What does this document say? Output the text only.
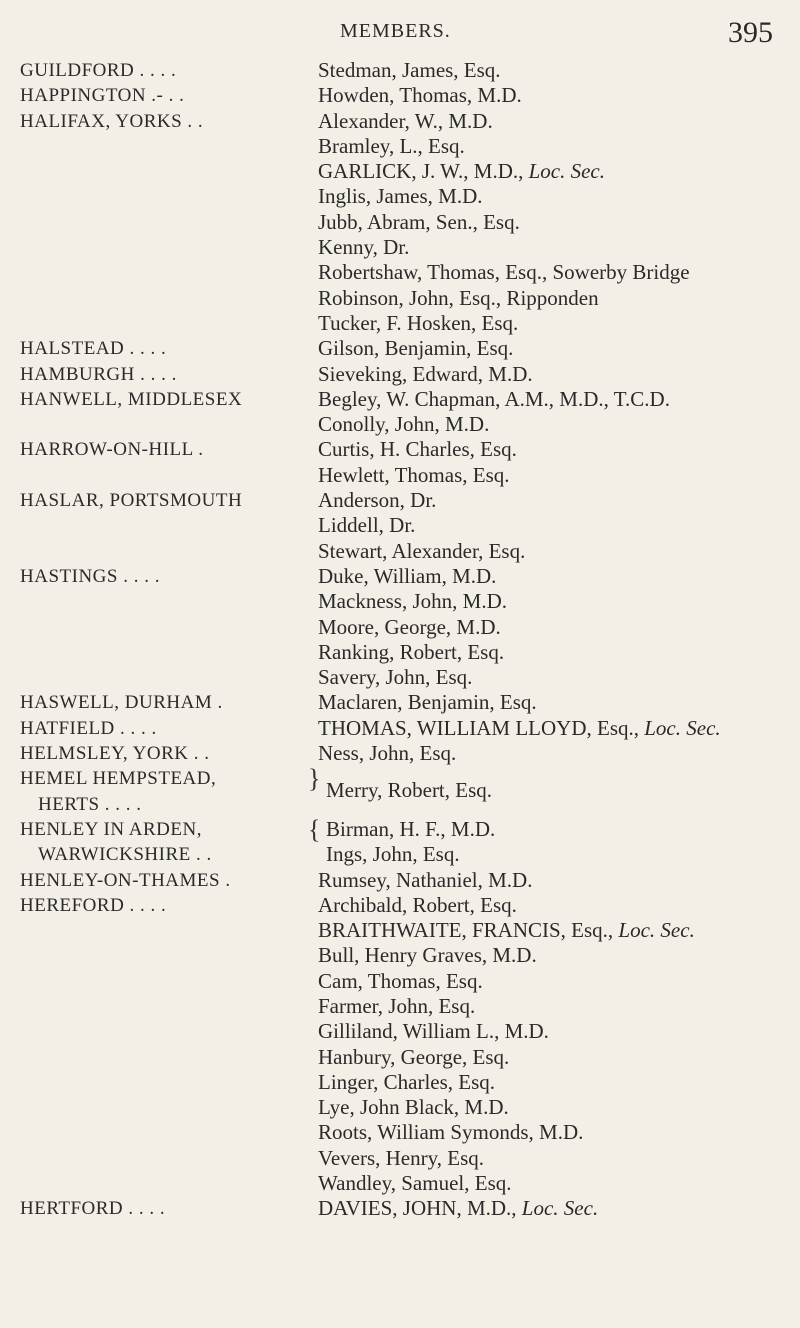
MEMBERS.	395
GUILDFORD . . . .	Stedman, James, Esq.
HAPPINGTON .- . .	Howden, Thomas, M.D.
HALIFAX, YORKS . .	Alexander, W., M.D.
Bramley, L., Esq.
GARLICK, J. W., M.D., Loc. Sec.
Inglis, James, M.D.
Jubb, Abram, Sen., Esq.
Kenny, Dr.
Robertshaw, Thomas, Esq., Sowerby Bridge
Robinson, John, Esq., Ripponden
Tucker, F. Hosken, Esq.
HALSTEAD . . . .	Gilson, Benjamin, Esq.
HAMBURGH . . . .	Sieveking, Edward, M.D.
HANWELL, MIDDLESEX	Begley, W. Chapman, A.M., M.D., T.C.D.
Conolly, John, M.D.
HARROW-ON-HILL .	Curtis, H. Charles, Esq.
Hewlett, Thomas, Esq.
HASLAR, PORTSMOUTH	Anderson, Dr.
Liddell, Dr.
Stewart, Alexander, Esq.
HASTINGS . . . .	Duke, William, M.D.
Mackness, John, M.D.
Moore, George, M.D.
Ranking, Robert, Esq.
Savery, John, Esq.
HASWELL, DURHAM .	Maclaren, Benjamin, Esq.
HATFIELD . . . .	THOMAS, WILLIAM LLOYD, Esq., Loc. Sec.
HELMSLEY, YORK . .	Ness, John, Esq.
HEMEL HEMPSTEAD,
HERTS . . . .
} Merry, Robert, Esq.
HENLEY IN ARDEN,
WARWICKSHIRE . .
{ Birman, H. F., M.D.
Ings, John, Esq.
HENLEY-ON-THAMES .	Rumsey, Nathaniel, M.D.
HEREFORD . . . .	Archibald, Robert, Esq.
BRAITHWAITE, FRANCIS, Esq., Loc. Sec.
Bull, Henry Graves, M.D.
Cam, Thomas, Esq.
Farmer, John, Esq.
Gilliland, William L., M.D.
Hanbury, George, Esq.
Linger, Charles, Esq.
Lye, John Black, M.D.
Roots, William Symonds, M.D.
Vevers, Henry, Esq.
Wandley, Samuel, Esq.
HERTFORD . . . .	DAVIES, JOHN, M.D., Loc. Sec.
